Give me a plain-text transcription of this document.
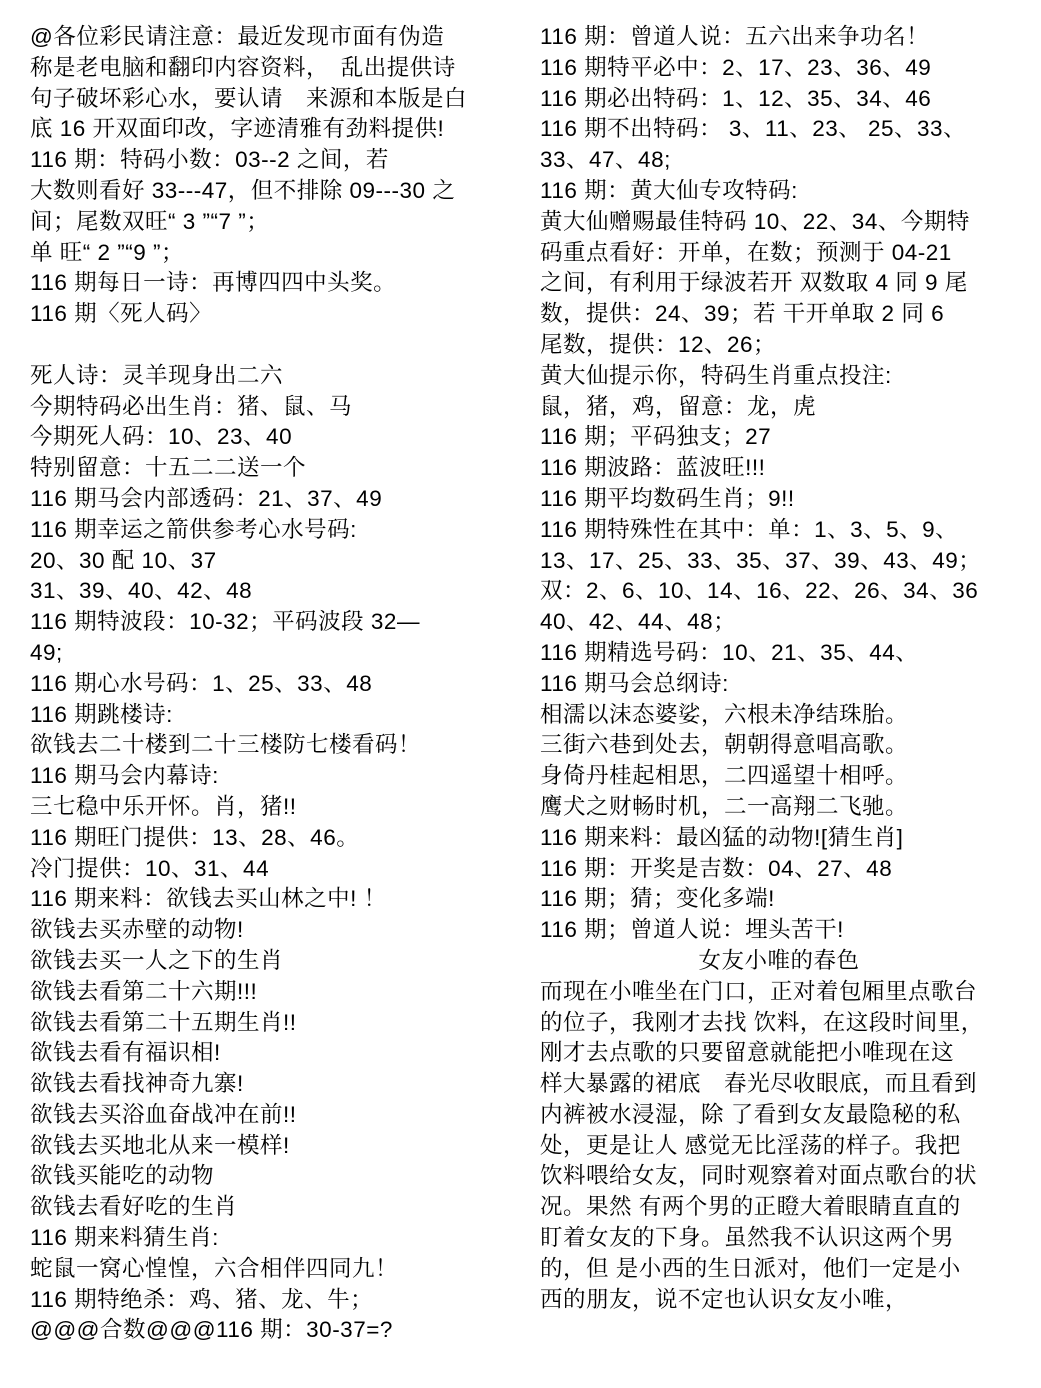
@各位彩民请注意：最近发现市面有伪造
称是老电脑和翻印内容资料，　乱出提供诗
句子破坏彩心水，要认请　来源和本版是白
底 16 开双面印改，字迹清雅有劲料提供!
116 期：特码小数：03--2 之间，若
大数则看好 33---47，但不排除 09---30 之
间；尾数双旺“ 3 ”“7 ”；
单 旺“ 2 ”“9 ”；
116 期每日一诗：再博四四中头奖。
116 期〈死人码〉
死人诗：灵羊现身出二六
今期特码必出生肖：猪、鼠、马
今期死人码：10、23、40
特别留意：十五二二送一个
116 期马会内部透码：21、37、49
116 期幸运之箭供参考心水号码:
20、30 配 10、37
31、39、40、42、48
116 期特波段：10-32；平码波段 32—
49;
116 期心水号码：1、25、33、48
116 期跳楼诗:
欲钱去二十楼到二十三楼防七楼看码！
116 期马会内幕诗:
三七稳中乐开怀。肖，猪!!
116 期旺门提供：13、28、46。
冷门提供：10、31、44
116 期来料：欲钱去买山林之中! ！
欲钱去买赤壁的动物!
欲钱去买一人之下的生肖
欲钱去看第二十六期!!!
欲钱去看第二十五期生肖!!
欲钱去看有福识相!
欲钱去看找神奇九寨!
欲钱去买浴血奋战冲在前!!
欲钱去买地北从来一模样!
欲钱买能吃的动物
欲钱去看好吃的生肖
116 期来料猜生肖:
蛇鼠一窝心惶惶，六合相伴四同九！
116 期特绝杀：鸡、猪、龙、牛；
@@@合数@@@116 期：30-37=?
116 期：曾道人说：五六出来争功名！
116 期特平必中：2、17、23、36、49
116 期必出特码：1、12、35、34、46
116 期不出特码： 3、11、23、 25、33、
33、47、48;
116 期：黄大仙专攻特码:
黄大仙赠赐最佳特码 10、22、34、今期特
码重点看好：开单，在数；预测于 04-21
之间，有利用于绿波若开 双数取 4 同 9 尾
数，提供：24、39；若 干开单取 2 同 6
尾数，提供：12、26；
黄大仙提示你，特码生肖重点投注:
鼠，猪，鸡，留意：龙，虎
116 期；平码独支；27
116 期波路：蓝波旺!!!
116 期平均数码生肖；9!!
116 期特殊性在其中：单：1、3、5、9、
13、17、25、33、35、37、39、43、49；
双：2、6、10、14、16、22、26、34、36
40、42、44、48；
116 期精选号码：10、21、35、44、
116 期马会总纲诗:
相濡以沫态婆娑，六根未净结珠胎。
三街六巷到处去，朝朝得意唱高歌。
身倚丹桂起相思，二四遥望十相呼。
鹰犬之财畅时机，二一高翔二飞驰。
116 期来料：最凶猛的动物![猜生肖]
116 期：开奖是吉数：04、27、48
116 期；猜；变化多端!
116 期；曾道人说：埋头苦干!
女友小唯的春色
而现在小唯坐在门口，正对着包厢里点歌台
的位子，我刚才去找 饮料，在这段时间里，
刚才去点歌的只要留意就能把小唯现在这
样大暴露的裙底　春光尽收眼底，而且看到
内裤被水浸湿，除 了看到女友最隐秘的私
处，更是让人 感觉无比淫荡的样子。我把
饮料喂给女友，同时观察着对面点歌台的状
况。果然 有两个男的正瞪大着眼睛直直的
盯着女友的下身。虽然我不认识这两个男
的，但 是小西的生日派对，他们一定是小
西的朋友，说不定也认识女友小唯，
